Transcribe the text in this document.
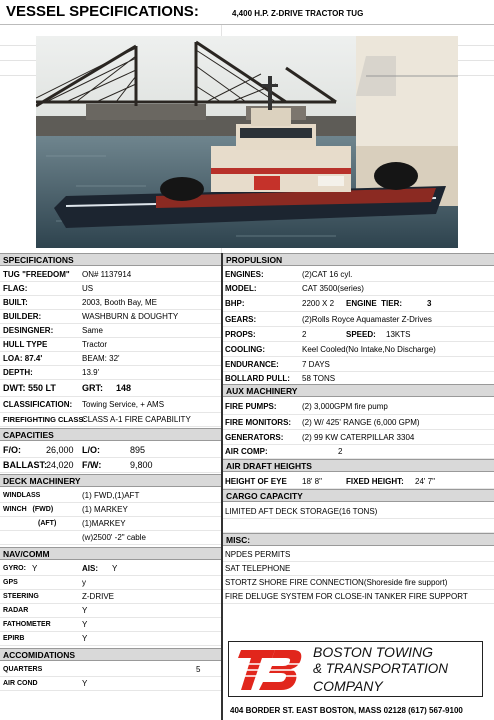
VESSEL SPECIFICATIONS:	4,400 H.P. Z-DRIVE TRACTOR TUG
SPECIFICATIONS
TUG "FREEDOM" ON# 1137914
FLAG:	US
BUILT:	2003, Booth Bay, ME
BUILDER:	WASHBURN & DOUGHTY
DESINGNER:	Same
HULL TYPE	Tractor
LOA: 87.4'	BEAM: 32'
DEPTH:	13.9'
DWT: 550 LT	GRT: 148
CLASSIFICATION: Towing Service, + AMS
FIREFIGHTING CLASS:
CLASS A-1 FIRE CAPABILITY
CAPACITIES
F/O:	26,000 L/O:	895
BALLAST: 24,020 F/W:	9,800
DECK MACHINERY
WINDLASS	(1) FWD,(1)AFT
WINCH   (FWD)	(1) MARKEY
(AFT)	(1)MARKEY
(w)2500' -2" cable
NAV/COMM
GYRO: Y	AIS: Y
GPS	y
STEERING	Z-DRIVE
RADAR	Y
FATHOMETER	Y
EPIRB	Y
ACCOMIDATIONS
QUARTERS	5
AIR COND	Y
PROPULSION
ENGINES:	(2)CAT 16 cyl.
MODEL:	CAT 3500(series)
BHP:	2200 X 2 ENGINE  TIER:	3
GEARS:	(2)Rolls Royce Aquamaster Z-Drives
PROPS:	2	SPEED: 13KTS
COOLING:	Keel Cooled(No Intake,No Discharge)
ENDURANCE:	7 DAYS
BOLLARD PULL: 58 TONS
AUX MACHINERY
FIRE PUMPS:	(2) 3,000GPM fire pump
FIRE MONITORS: (2) W/ 425' RANGE (6,000 GPM)
GENERATORS: (2) 99 KW CATERPILLAR 3304
AIR COMP:	2
AIR DRAFT HEIGHTS
HEIGHT OF EYE 18' 8"	FIXED HEIGHT: 24' 7"
CARGO CAPACITY
LIMITED AFT DECK STORAGE(16 TONS)
MISC:
NPDES PERMITS
SAT TELEPHONE
STORTZ SHORE FIRE CONNECTION(Shoreside fire support)
FIRE DELUGE SYSTEM FOR CLOSE-IN TANKER FIRE SUPPORT
BOSTON TOWING
& TRANSPORTATION
COMPANY
404 BORDER ST. EAST BOSTON, MASS 02128 (617) 567-9100
